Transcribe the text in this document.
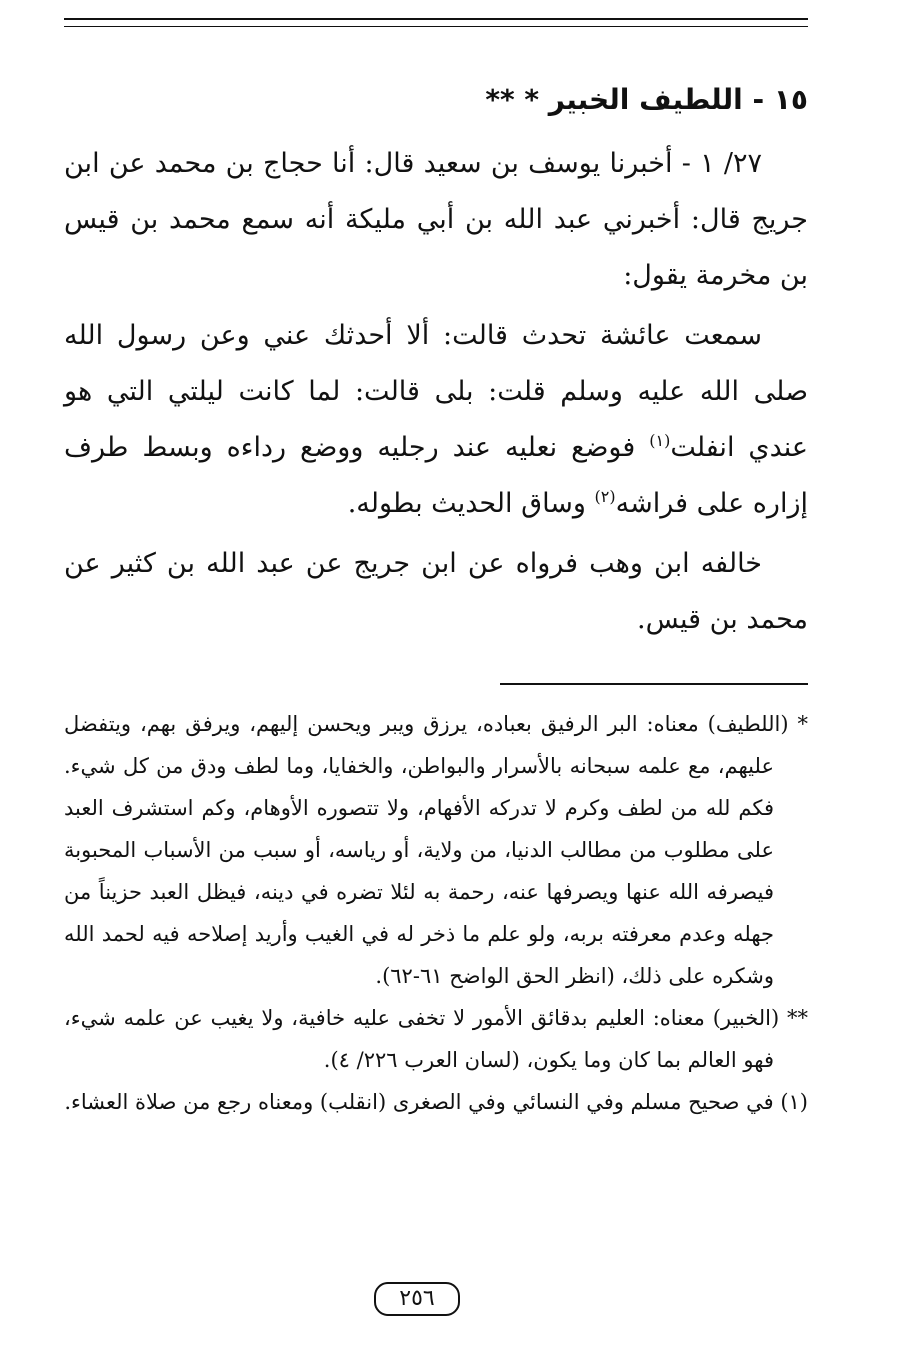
١٥ - اللطيف الخبير * **

٢٧/ ١ - أخبرنا يوسف بن سعيد قال: أنا حجاج بن محمد عن ابن جريج قال: أخبرني عبد الله بن أبي مليكة أنه سمع محمد بن قيس بن مخرمة يقول:

سمعت عائشة تحدث قالت: ألا أحدثك عني وعن رسول الله صلى الله عليه وسلم قلت: بلى قالت: لما كانت ليلتي التي هو عندي انفلت$^{(١)}$ فوضع نعليه عند رجليه ووضع رداءه وبسط طرف إزاره على فراشه$^{(٢)}$ وساق الحديث بطوله.

خالفه ابن وهب فرواه عن ابن جريج عن عبد الله بن كثير عن محمد بن قيس.

* (اللطيف) معناه: البر الرفيق بعباده، يرزق ويبر ويحسن إليهم، ويرفق بهم، ويتفضل عليهم، مع علمه سبحانه بالأسرار والبواطن، والخفايا، وما لطف ودق من كل شيء. فكم لله من لطف وكرم لا تدركه الأفهام، ولا تتصوره الأوهام، وكم استشرف العبد على مطلوب من مطالب الدنيا، من ولاية، أو رياسه، أو سبب من الأسباب المحبوبة فيصرفه الله عنها ويصرفها عنه، رحمة به لئلا تضره في دينه، فيظل العبد حزيناً من جهله وعدم معرفته بربه، ولو علم ما ذخر له في الغيب وأريد إصلاحه فيه لحمد الله وشكره على ذلك، (انظر الحق الواضح ٦١-٦٢).

** (الخبير) معناه: العليم بدقائق الأمور لا تخفى عليه خافية، ولا يغيب عن علمه شيء، فهو العالم بما كان وما يكون، (لسان العرب ٢٢٦/ ٤).

(١) في صحيح مسلم وفي النسائي وفي الصغرى (انقلب) ومعناه رجع من صلاة العشاء.

٢٥٦
